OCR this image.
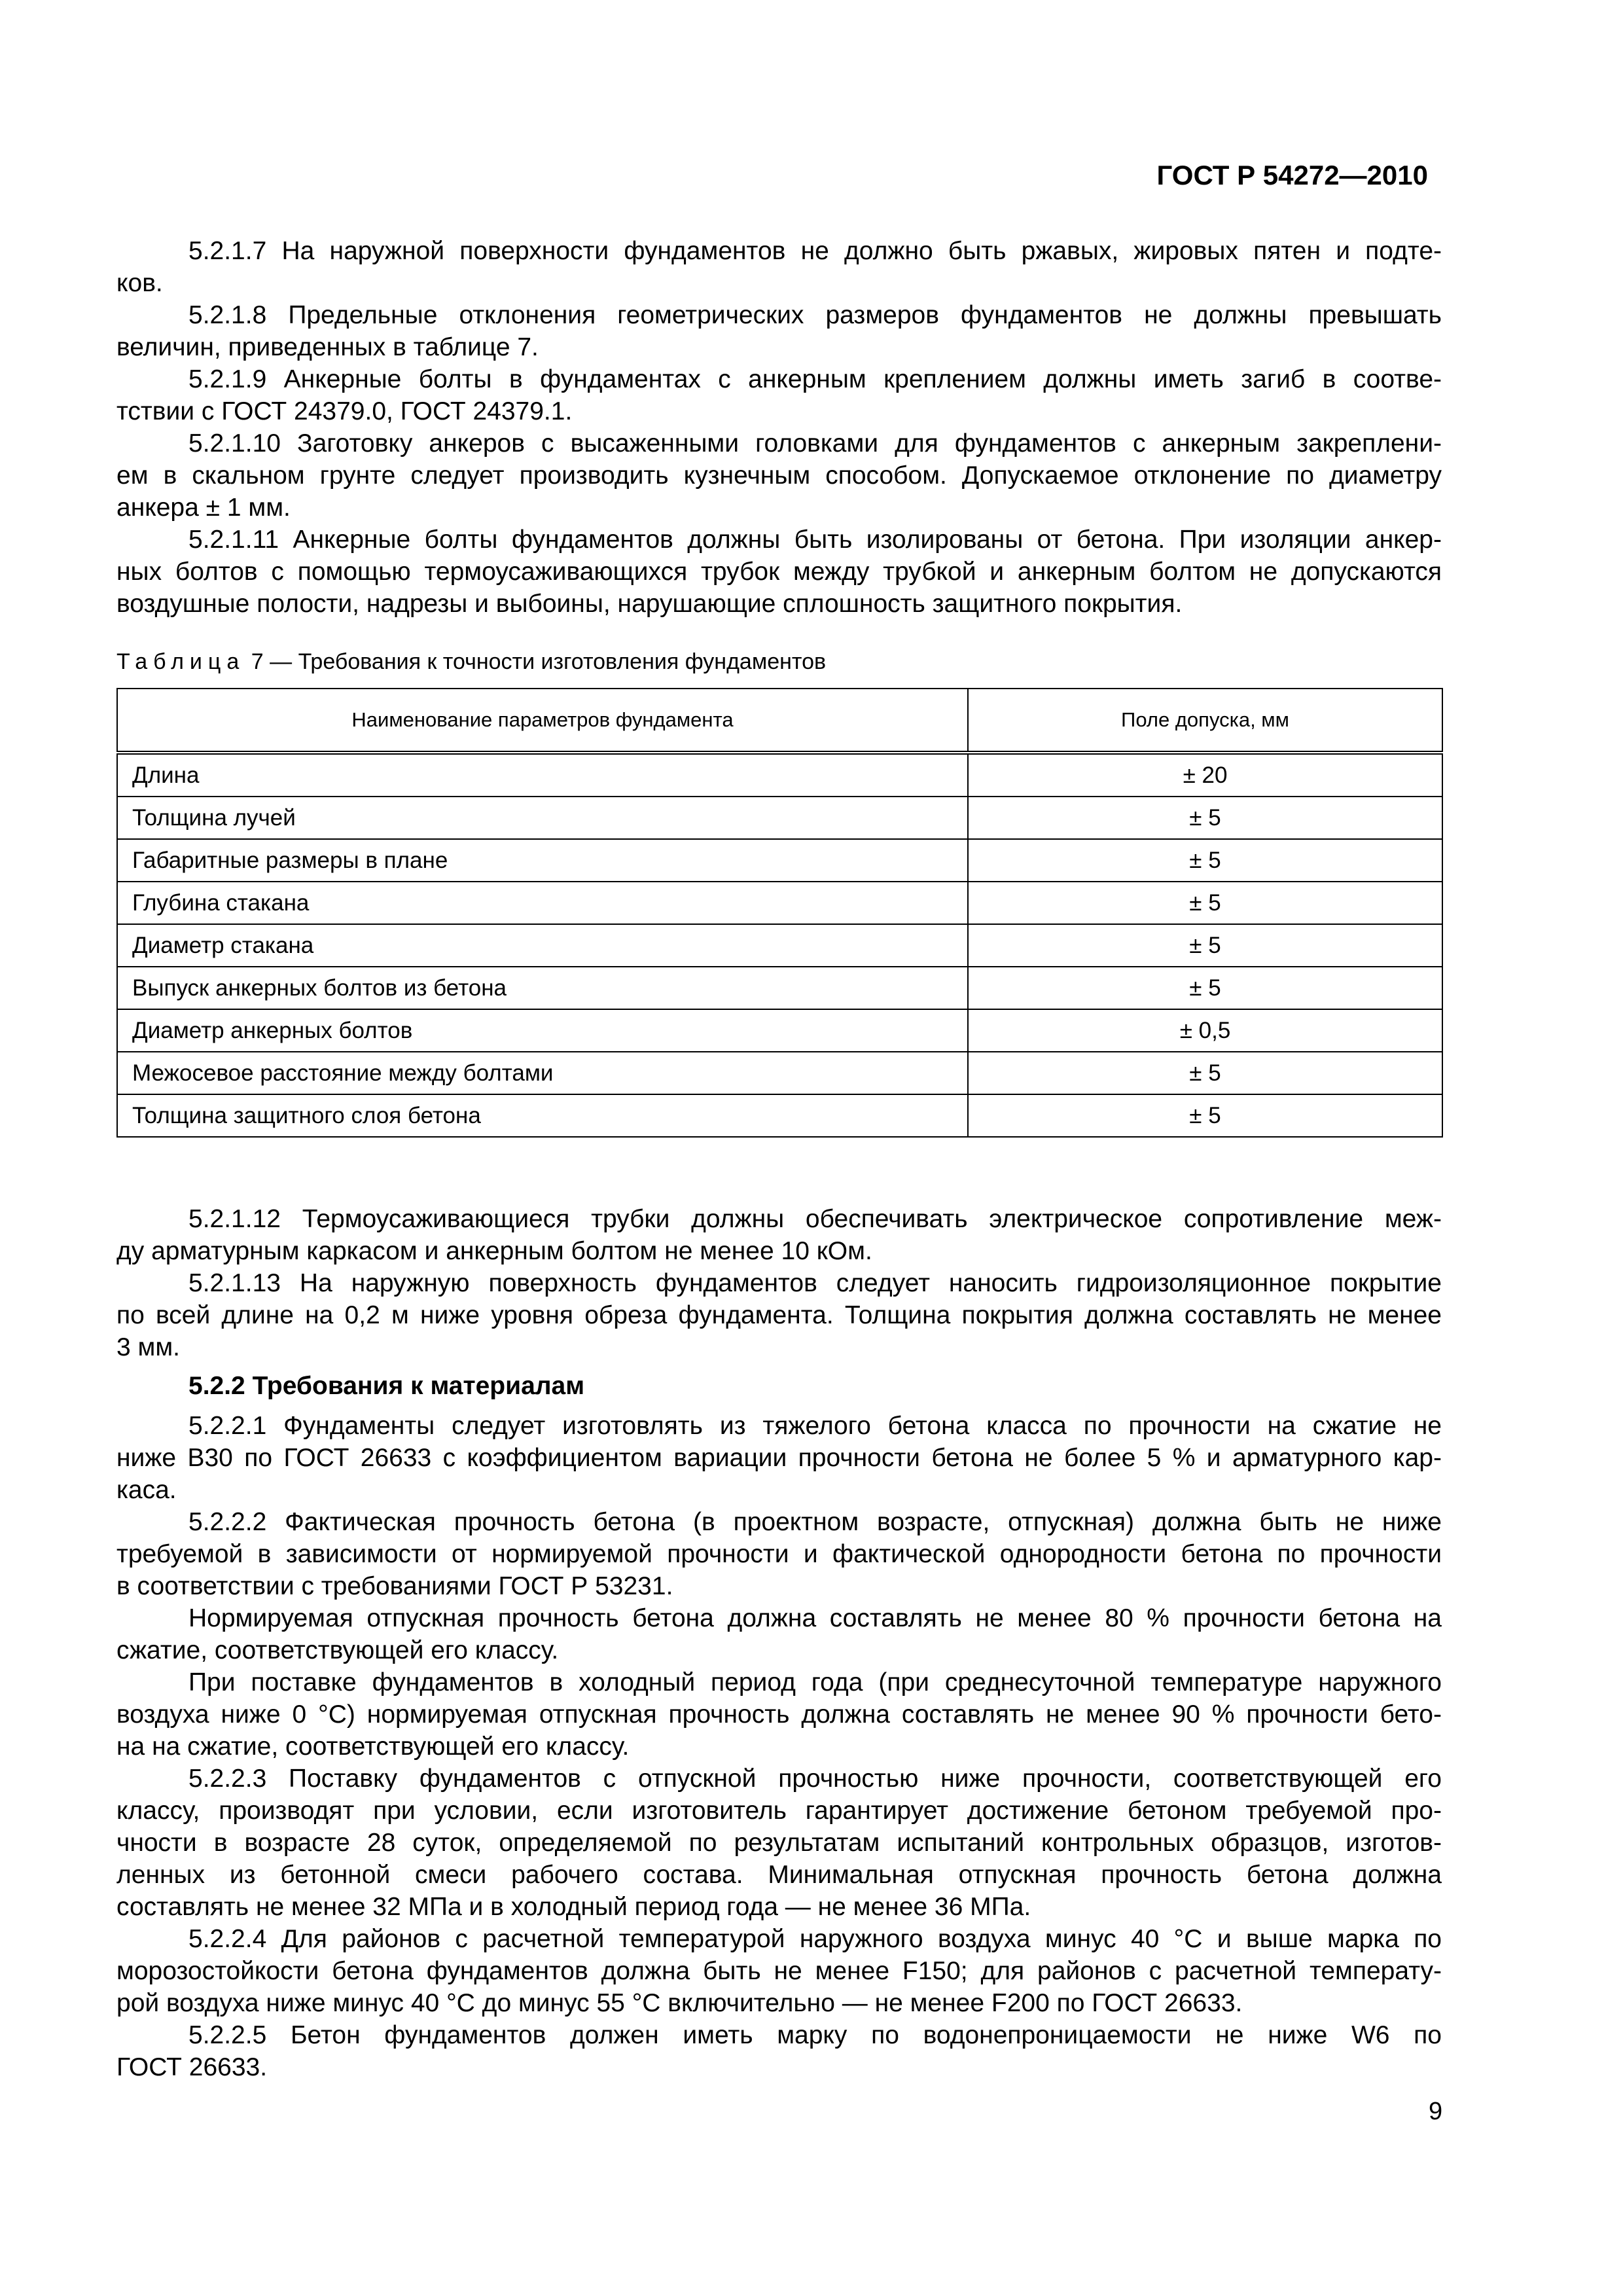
ГОСТ Р 54272—2010
5.2.1.7 На наружной поверхности фундаментов не должно быть ржавых, жировых пятен и подте-
ков.
5.2.1.8 Предельные отклонения геометрических размеров фундаментов не должны превышать
величин, приведенных в таблице 7.
5.2.1.9 Анкерные болты в фундаментах с анкерным креплением должны иметь загиб в соотве-
тствии с ГОСТ 24379.0, ГОСТ 24379.1.
5.2.1.10 Заготовку анкеров с высаженными головками для фундаментов с анкерным закреплени-
ем в скальном грунте следует производить кузнечным способом. Допускаемое отклонение по диаметру
анкера ± 1 мм.
5.2.1.11 Анкерные болты фундаментов должны быть изолированы от бетона. При изоляции анкер-
ных болтов с помощью термоусаживающихся трубок между трубкой и анкерным болтом не допускаются
воздушные полости, надрезы и выбоины, нарушающие сплошность защитного покрытия.
Таблица 7 — Требования к точности изготовления фундаментов
Наименование параметров фундамента	Поле допуска, мм
Длина	± 20
Толщина лучей	± 5
Габаритные размеры в плане	± 5
Глубина стакана	± 5
Диаметр стакана	± 5
Выпуск анкерных болтов из бетона	± 5
Диаметр анкерных болтов	± 0,5
Межосевое расстояние между болтами	± 5
Толщина защитного слоя бетона	± 5
5.2.1.12 Термоусаживающиеся трубки должны обеспечивать электрическое сопротивление меж-
ду арматурным каркасом и анкерным болтом не менее 10 кОм.
5.2.1.13 На наружную поверхность фундаментов следует наносить гидроизоляционное покрытие
по всей длине на 0,2 м ниже уровня обреза фундамента. Толщина покрытия должна составлять не менее
3 мм.
5.2.2 Требования к материалам
5.2.2.1 Фундаменты следует изготовлять из тяжелого бетона класса по прочности на сжатие не
ниже В30 по ГОСТ 26633 с коэффициентом вариации прочности бетона не более 5 % и арматурного кар-
каса.
5.2.2.2 Фактическая прочность бетона (в проектном возрасте, отпускная) должна быть не ниже
требуемой в зависимости от нормируемой прочности и фактической однородности бетона по прочности
в соответствии с требованиями ГОСТ Р 53231.
Нормируемая отпускная прочность бетона должна составлять не менее 80 % прочности бетона на
сжатие, соответствующей его классу.
При поставке фундаментов в холодный период года (при среднесуточной температуре наружного
воздуха ниже 0 °С) нормируемая отпускная прочность должна составлять не менее 90 % прочности бето-
на на сжатие, соответствующей его классу.
5.2.2.3 Поставку фундаментов с отпускной прочностью ниже прочности, соответствующей его
классу, производят при условии, если изготовитель гарантирует достижение бетоном требуемой про-
чности в возрасте 28 суток, определяемой по результатам испытаний контрольных образцов, изготов-
ленных из бетонной смеси рабочего состава. Минимальная отпускная прочность бетона должна
составлять не менее 32 МПа и в холодный период года — не менее 36 МПа.
5.2.2.4 Для районов с расчетной температурой наружного воздуха минус 40 °С и выше марка по
морозостойкости бетона фундаментов должна быть не менее F150; для районов с расчетной температу-
рой воздуха ниже минус 40 °С до минус 55 °С включительно — не менее F200 по ГОСТ 26633.
5.2.2.5 Бетон фундаментов должен иметь марку по водонепроницаемости не ниже W6 по
ГОСТ 26633.
9
